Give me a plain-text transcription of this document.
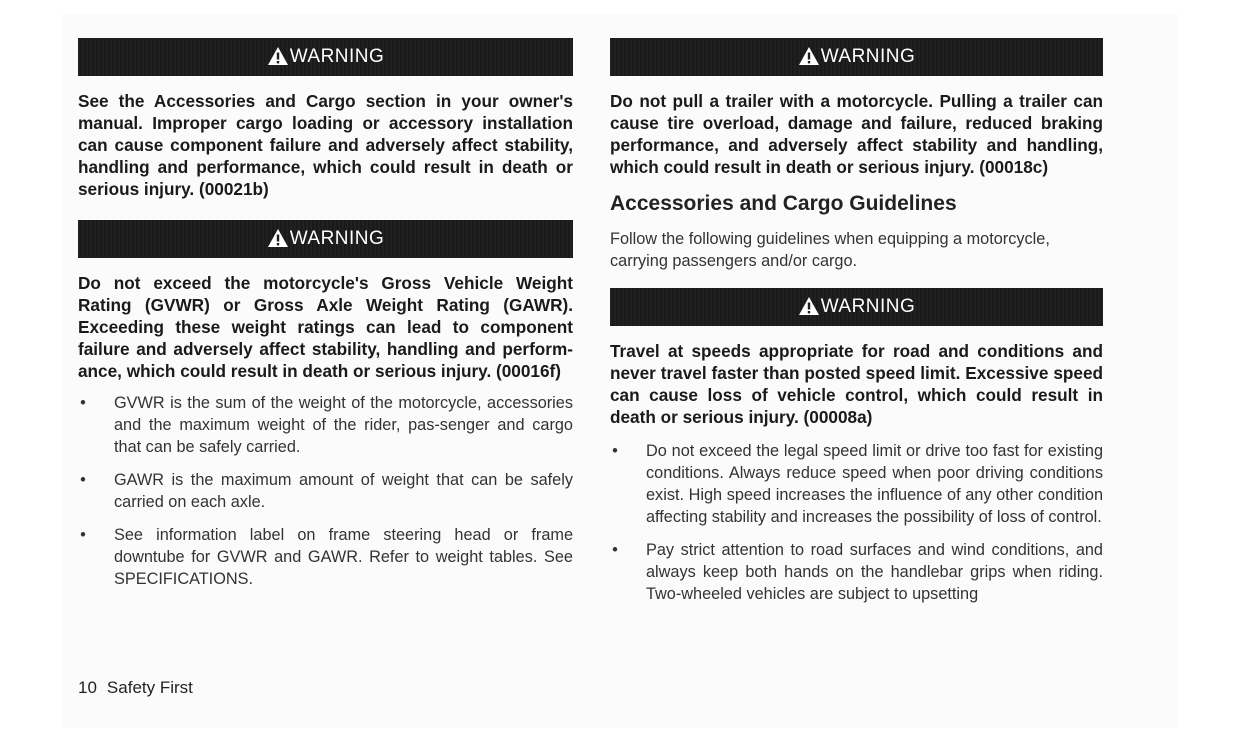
WARNING
See the Accessories and Cargo section in your owner's manual. Improper cargo loading or accessory installation can cause component failure and adversely affect stability, handling and performance, which could result in death or serious injury. (00021b)
WARNING
Do not exceed the motorcycle's Gross Vehicle Weight Rating (GVWR) or Gross Axle Weight Rating (GAWR). Exceeding these weight ratings can lead to component failure and adversely affect stability, handling and perform-ance, which could result in death or serious injury. (00016f)
• GVWR is the sum of the weight of the motorcycle, accessories and the maximum weight of the rider, pas-senger and cargo that can be safely carried.
• GAWR is the maximum amount of weight that can be safely carried on each axle.
• See information label on frame steering head or frame downtube for GVWR and GAWR. Refer to weight tables. See SPECIFICATIONS.
WARNING
Do not pull a trailer with a motorcycle. Pulling a trailer can cause tire overload, damage and failure, reduced braking performance, and adversely affect stability and handling, which could result in death or serious injury. (00018c)
Accessories and Cargo Guidelines
Follow the following guidelines when equipping a motorcycle, carrying passengers and/or cargo.
WARNING
Travel at speeds appropriate for road and conditions and never travel faster than posted speed limit. Excessive speed can cause loss of vehicle control, which could result in death or serious injury. (00008a)
• Do not exceed the legal speed limit or drive too fast for existing conditions. Always reduce speed when poor driving conditions exist. High speed increases the influence of any other condition affecting stability and increases the possibility of loss of control.
• Pay strict attention to road surfaces and wind conditions, and always keep both hands on the handlebar grips when riding. Two-wheeled vehicles are subject to upsetting
10 Safety First
